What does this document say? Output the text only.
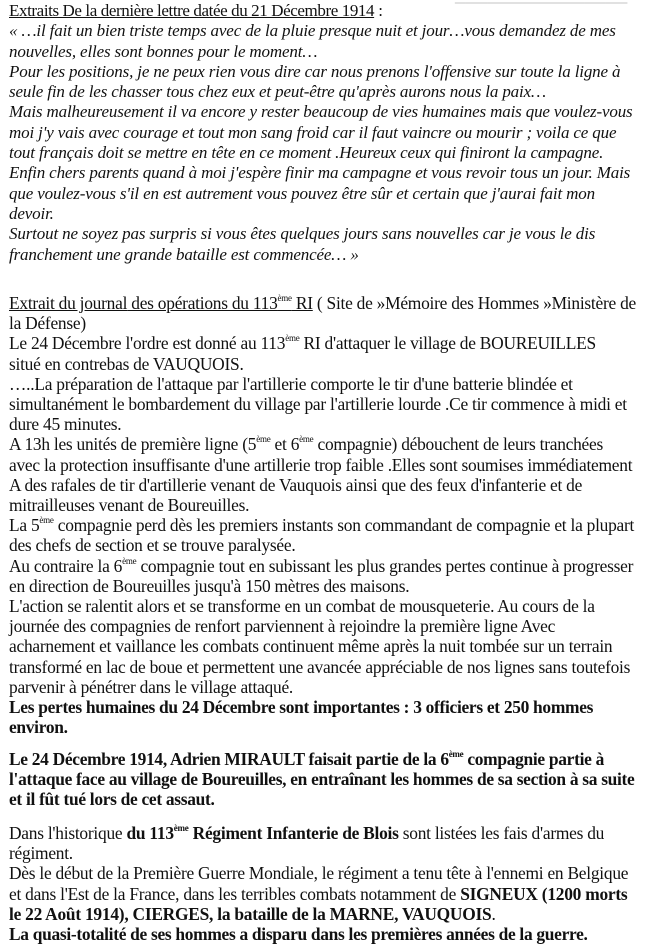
▔▔▔▔▔▔▔▔▔▔▔▔▔▔▔▔
Extraits De la dernière lettre datée du 21 Décembre 1914 :
« …il fait un bien triste temps avec de la pluie presque nuit et jour…vous demandez de mes
nouvelles, elles sont bonnes pour le moment…
Pour les positions, je ne peux rien vous dire car nous prenons l'offensive sur toute la ligne à
seule fin de les chasser tous chez eux et peut-être qu'après aurons nous la paix…
Mais malheureusement il va encore y rester beaucoup de vies humaines mais que voulez-vous
moi j'y vais avec courage et tout mon sang froid car il faut vaincre ou mourir ; voila ce que
tout français doit se mettre en tête en ce moment .Heureux ceux qui finiront la campagne.
Enfin chers parents quand à moi j'espère finir ma campagne et vous revoir tous un jour. Mais
que voulez-vous s'il en est autrement vous pouvez être sûr et certain que j'aurai fait mon
devoir.
Surtout ne soyez pas surpris si vous êtes quelques jours sans nouvelles car je vous le dis
franchement une grande bataille est commencée… »
Extrait du journal des opérations du 113ème RI ( Site de »Mémoire des Hommes »Ministère de
la Défense)
Le 24 Décembre l'ordre est donné au 113ème RI d'attaquer le village de BOUREUILLES
situé en contrebas de VAUQUOIS.
…..La préparation de l'attaque par l'artillerie comporte le tir d'une batterie blindée et
simultanément le bombardement du village par l'artillerie lourde .Ce tir commence à midi et
dure 45 minutes.
A 13h les unités de première ligne (5ème et 6ème compagnie) débouchent de leurs tranchées
avec la protection insuffisante d'une artillerie trop faible .Elles sont soumises immédiatement
A des rafales de tir d'artillerie venant de Vauquois ainsi que des feux d'infanterie et de
mitrailleuses venant de Boureuilles.
La 5ème compagnie perd dès les premiers instants son commandant de compagnie et la plupart
des chefs de section et se trouve paralysée.
Au contraire la 6ème compagnie tout en subissant les plus grandes pertes continue à progresser
en direction de Boureuilles jusqu'à 150 mètres des maisons.
L'action se ralentit alors et se transforme en un combat de mousqueterie. Au cours de la
journée des compagnies de renfort parviennent à rejoindre la première ligne Avec
acharnement et vaillance les combats continuent même après la nuit tombée sur un terrain
transformé en lac de boue et permettent une avancée appréciable de nos lignes sans toutefois
parvenir à pénétrer dans le village attaqué.
Les pertes humaines du 24 Décembre sont importantes : 3 officiers et 250 hommes
environ.
Le 24 Décembre 1914, Adrien MIRAULT faisait partie de la 6ème compagnie partie à
l'attaque face au village de Boureuilles, en entraînant les hommes de sa section à sa suite
et il fût tué lors de cet assaut.
Dans l'historique du 113ème Régiment Infanterie de Blois sont listées les fais d'armes du
régiment.
Dès le début de la Première Guerre Mondiale, le régiment a tenu tête à l'ennemi en Belgique
et dans l'Est de la France, dans les terribles combats notamment de SIGNEUX (1200 morts
le 22 Août 1914), CIERGES, la bataille de la MARNE, VAUQUOIS.
La quasi-totalité de ses hommes a disparu dans les premières années de la guerre.
